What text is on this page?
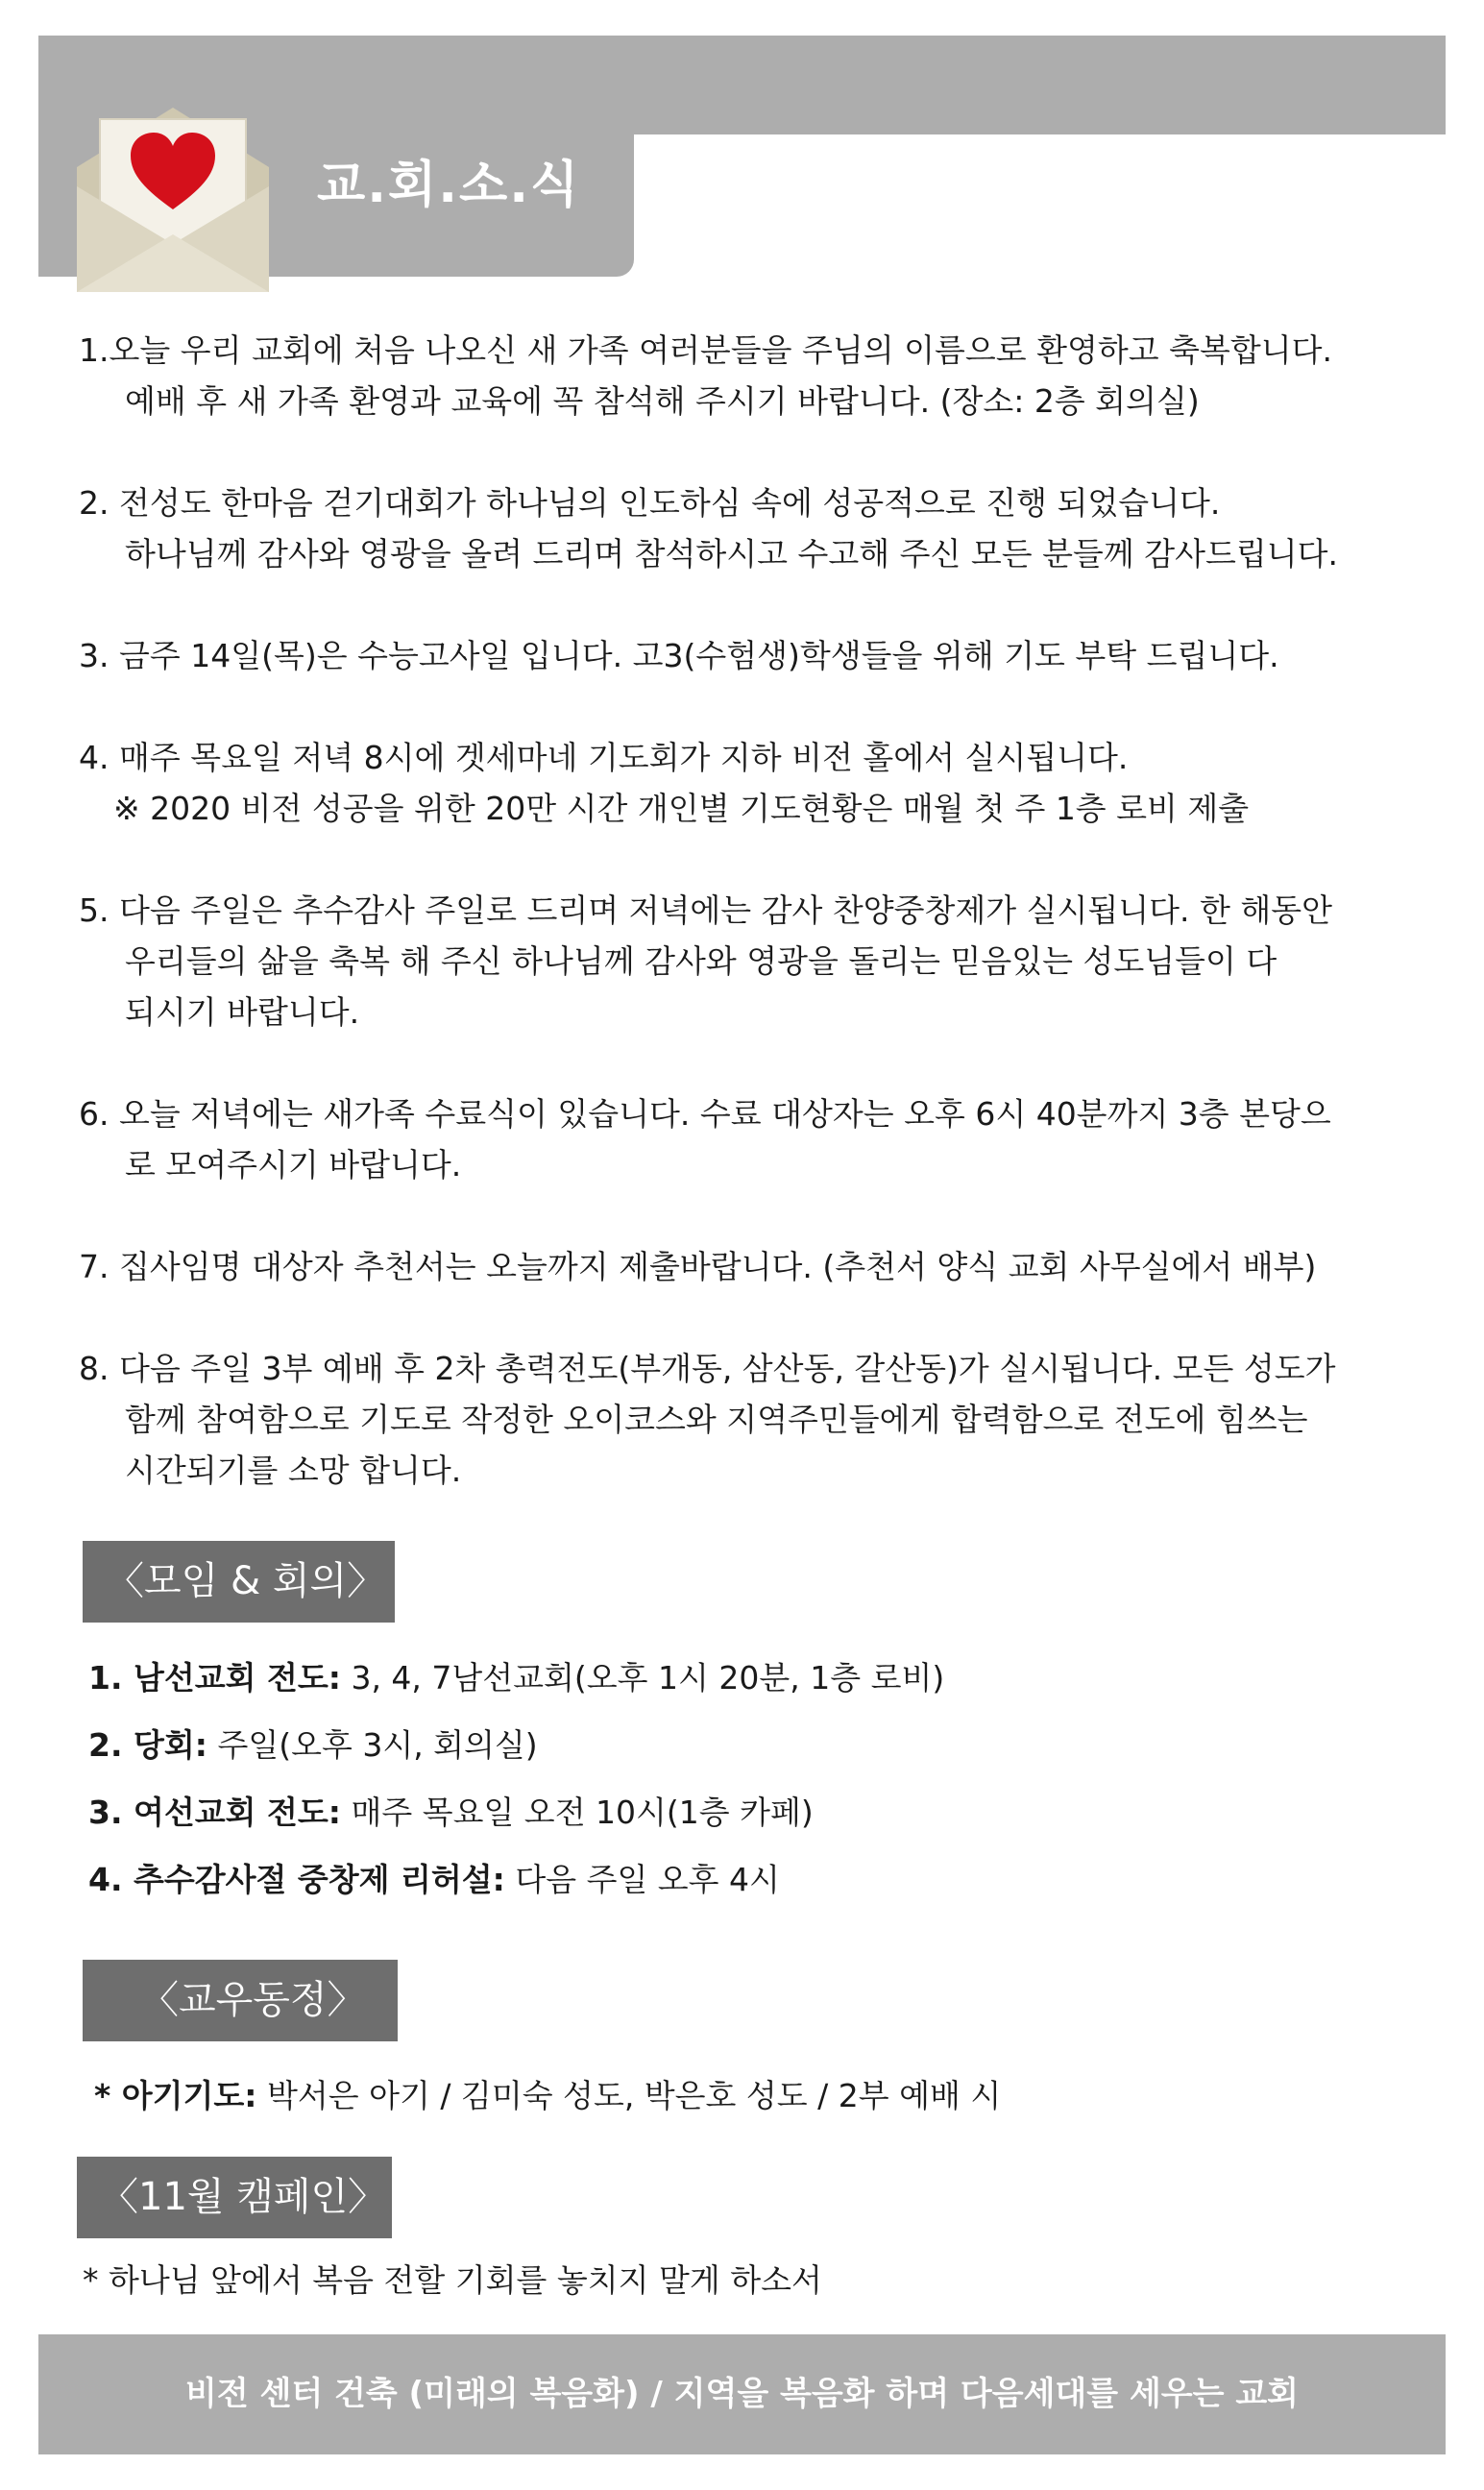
교.회.소.식

1.오늘 우리 교회에 처음 나오신 새 가족 여러분들을 주님의 이름으로 환영하고 축복합니다.

예배 후 새 가족 환영과 교육에 꼭 참석해 주시기 바랍니다. (장소: 2층 회의실)

2. 전성도 한마음 걷기대회가 하나님의 인도하심 속에 성공적으로 진행 되었습니다.

하나님께 감사와 영광을 올려 드리며 참석하시고 수고해 주신 모든 분들께 감사드립니다.

3. 금주 14일(목)은 수능고사일 입니다. 고3(수험생)학생들을 위해 기도 부탁 드립니다.

4. 매주 목요일 저녁 8시에 겟세마네 기도회가 지하 비전 홀에서 실시됩니다.

※ 2020 비전 성공을 위한 20만 시간 개인별 기도현황은 매월 첫 주 1층 로비 제출

5. 다음 주일은 추수감사 주일로 드리며 저녁에는 감사 찬양중창제가 실시됩니다. 한 해동안

우리들의 삶을 축복 해 주신 하나님께 감사와 영광을 돌리는 믿음있는 성도님들이 다

되시기 바랍니다.

6. 오늘 저녁에는 새가족 수료식이 있습니다. 수료 대상자는 오후 6시 40분까지 3층 본당으

로 모여주시기 바랍니다.

7. 집사임명 대상자 추천서는 오늘까지 제출바랍니다. (추천서 양식 교회 사무실에서 배부)

8. 다음 주일 3부 예배 후 2차 총력전도(부개동, 삼산동, 갈산동)가 실시됩니다. 모든 성도가

함께 참여함으로 기도로 작정한 오이코스와 지역주민들에게 합력함으로 전도에 힘쓰는

시간되기를 소망 합니다.

〈모임 & 회의〉
1. 남선교회 전도: 3, 4, 7남선교회(오후 1시 20분, 1층 로비)
2. 당회: 주일(오후 3시, 회의실)
3. 여선교회 전도: 매주 목요일 오전 10시(1층 카페)
4. 추수감사절 중창제 리허설: 다음 주일 오후 4시
〈교우동정〉
* 아기기도: 박서은 아기 / 김미숙 성도, 박은호 성도 / 2부 예배 시
〈11월 캠페인〉
* 하나님 앞에서 복음 전할 기회를 놓치지 말게 하소서
비전 센터 건축 (미래의 복음화) / 지역을 복음화 하며 다음세대를 세우는 교회
